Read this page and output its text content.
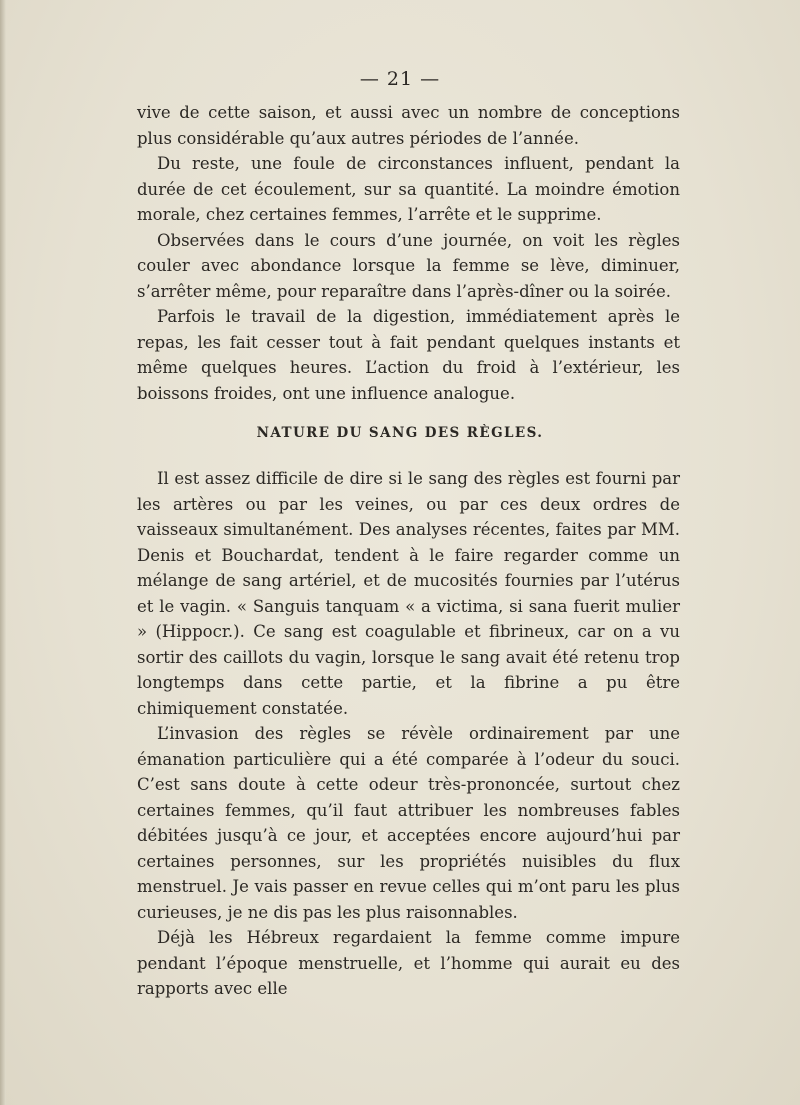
— 21 —

vive de cette saison, et aussi avec un nombre de conceptions plus considérable qu’aux autres périodes de l’année.

Du reste, une foule de circonstances influent, pendant la durée de cet écoulement, sur sa quantité. La moindre émotion morale, chez certaines femmes, l’arrête et le supprime.

Observées dans le cours d’une journée, on voit les règles couler avec abondance lorsque la femme se lève, diminuer, s’arrêter même, pour reparaître dans l’après-dîner ou la soirée.

Parfois le travail de la digestion, immédiatement après le repas, les fait cesser tout à fait pendant quelques instants et même quelques heures. L’action du froid à l’extérieur, les boissons froides, ont une influence analogue.

NATURE DU SANG DES RÈGLES.

Il est assez difficile de dire si le sang des règles est fourni par les artères ou par les veines, ou par ces deux ordres de vaisseaux simultanément. Des analyses récentes, faites par MM. Denis et Bouchardat, tendent à le faire regarder comme un mélange de sang artériel, et de mucosités fournies par l’utérus et le vagin. « Sanguis tanquam « a victima, si sana fuerit mulier » (Hippocr.). Ce sang est coagulable et fibrineux, car on a vu sortir des caillots du vagin, lorsque le sang avait été retenu trop longtemps dans cette partie, et la fibrine a pu être chimiquement constatée.

L’invasion des règles se révèle ordinairement par une émanation particulière qui a été comparée à l’odeur du souci. C’est sans doute à cette odeur très-prononcée, surtout chez certaines femmes, qu’il faut attribuer les nombreuses fables débitées jusqu’à ce jour, et acceptées encore aujourd’hui par certaines personnes, sur les propriétés nuisibles du flux menstruel. Je vais passer en revue celles qui m’ont paru les plus curieuses, je ne dis pas les plus raisonnables.

Déjà les Hébreux regardaient la femme comme impure pendant l’époque menstruelle, et l’homme qui aurait eu des rapports avec elle
